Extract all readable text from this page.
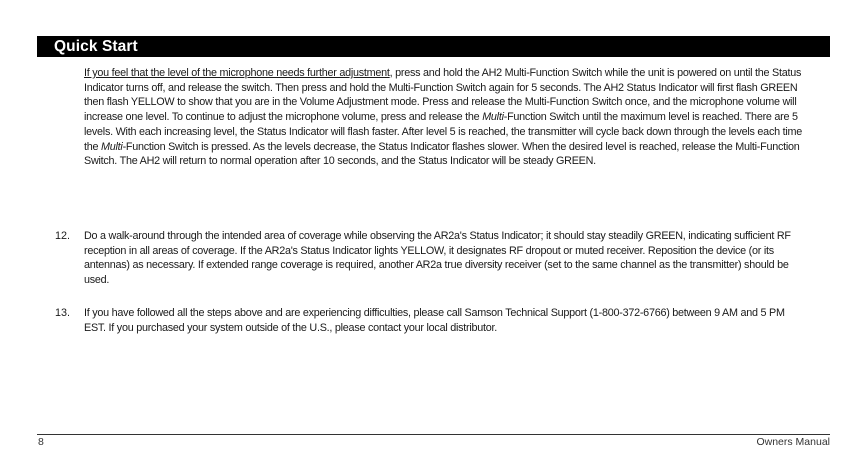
Quick Start
If you feel that the level of the microphone needs further adjustment, press and hold the AH2 Multi-Function Switch while the unit is powered on until the Status Indicator turns off, and release the switch. Then press and hold the Multi-Function Switch again for 5 seconds. The AH2 Status Indicator will first flash GREEN then flash YELLOW to show that you are in the Volume Adjustment mode. Press and release the Multi-Function Switch once, and the microphone volume will increase one level. To continue to adjust the microphone volume, press and release the Multi-Function Switch until the maximum level is reached. There are 5 levels. With each increasing level, the Status Indicator will flash faster. After level 5 is reached, the transmitter will cycle back down through the levels each time the Multi-Function Switch is pressed. As the levels decrease, the Status Indicator flashes slower. When the desired level is reached, release the Multi-Function Switch. The AH2 will return to normal operation after 10 seconds, and the Status Indicator will be steady GREEN.
12. Do a walk-around through the intended area of coverage while observing the AR2a's Status Indicator; it should stay steadily GREEN, indicating sufficient RF reception in all areas of coverage. If the AR2a's Status Indicator lights YELLOW, it designates RF dropout or muted receiver. Reposition the device (or its antennas) as necessary. If extended range coverage is required, another AR2a true diversity receiver (set to the same channel as the transmitter) should be used.
13. If you have followed all the steps above and are experiencing difficulties, please call Samson Technical Support (1-800-372-6766) between 9 AM and 5 PM EST. If you purchased your system outside of the U.S., please contact your local distributor.
8	Owners Manual
